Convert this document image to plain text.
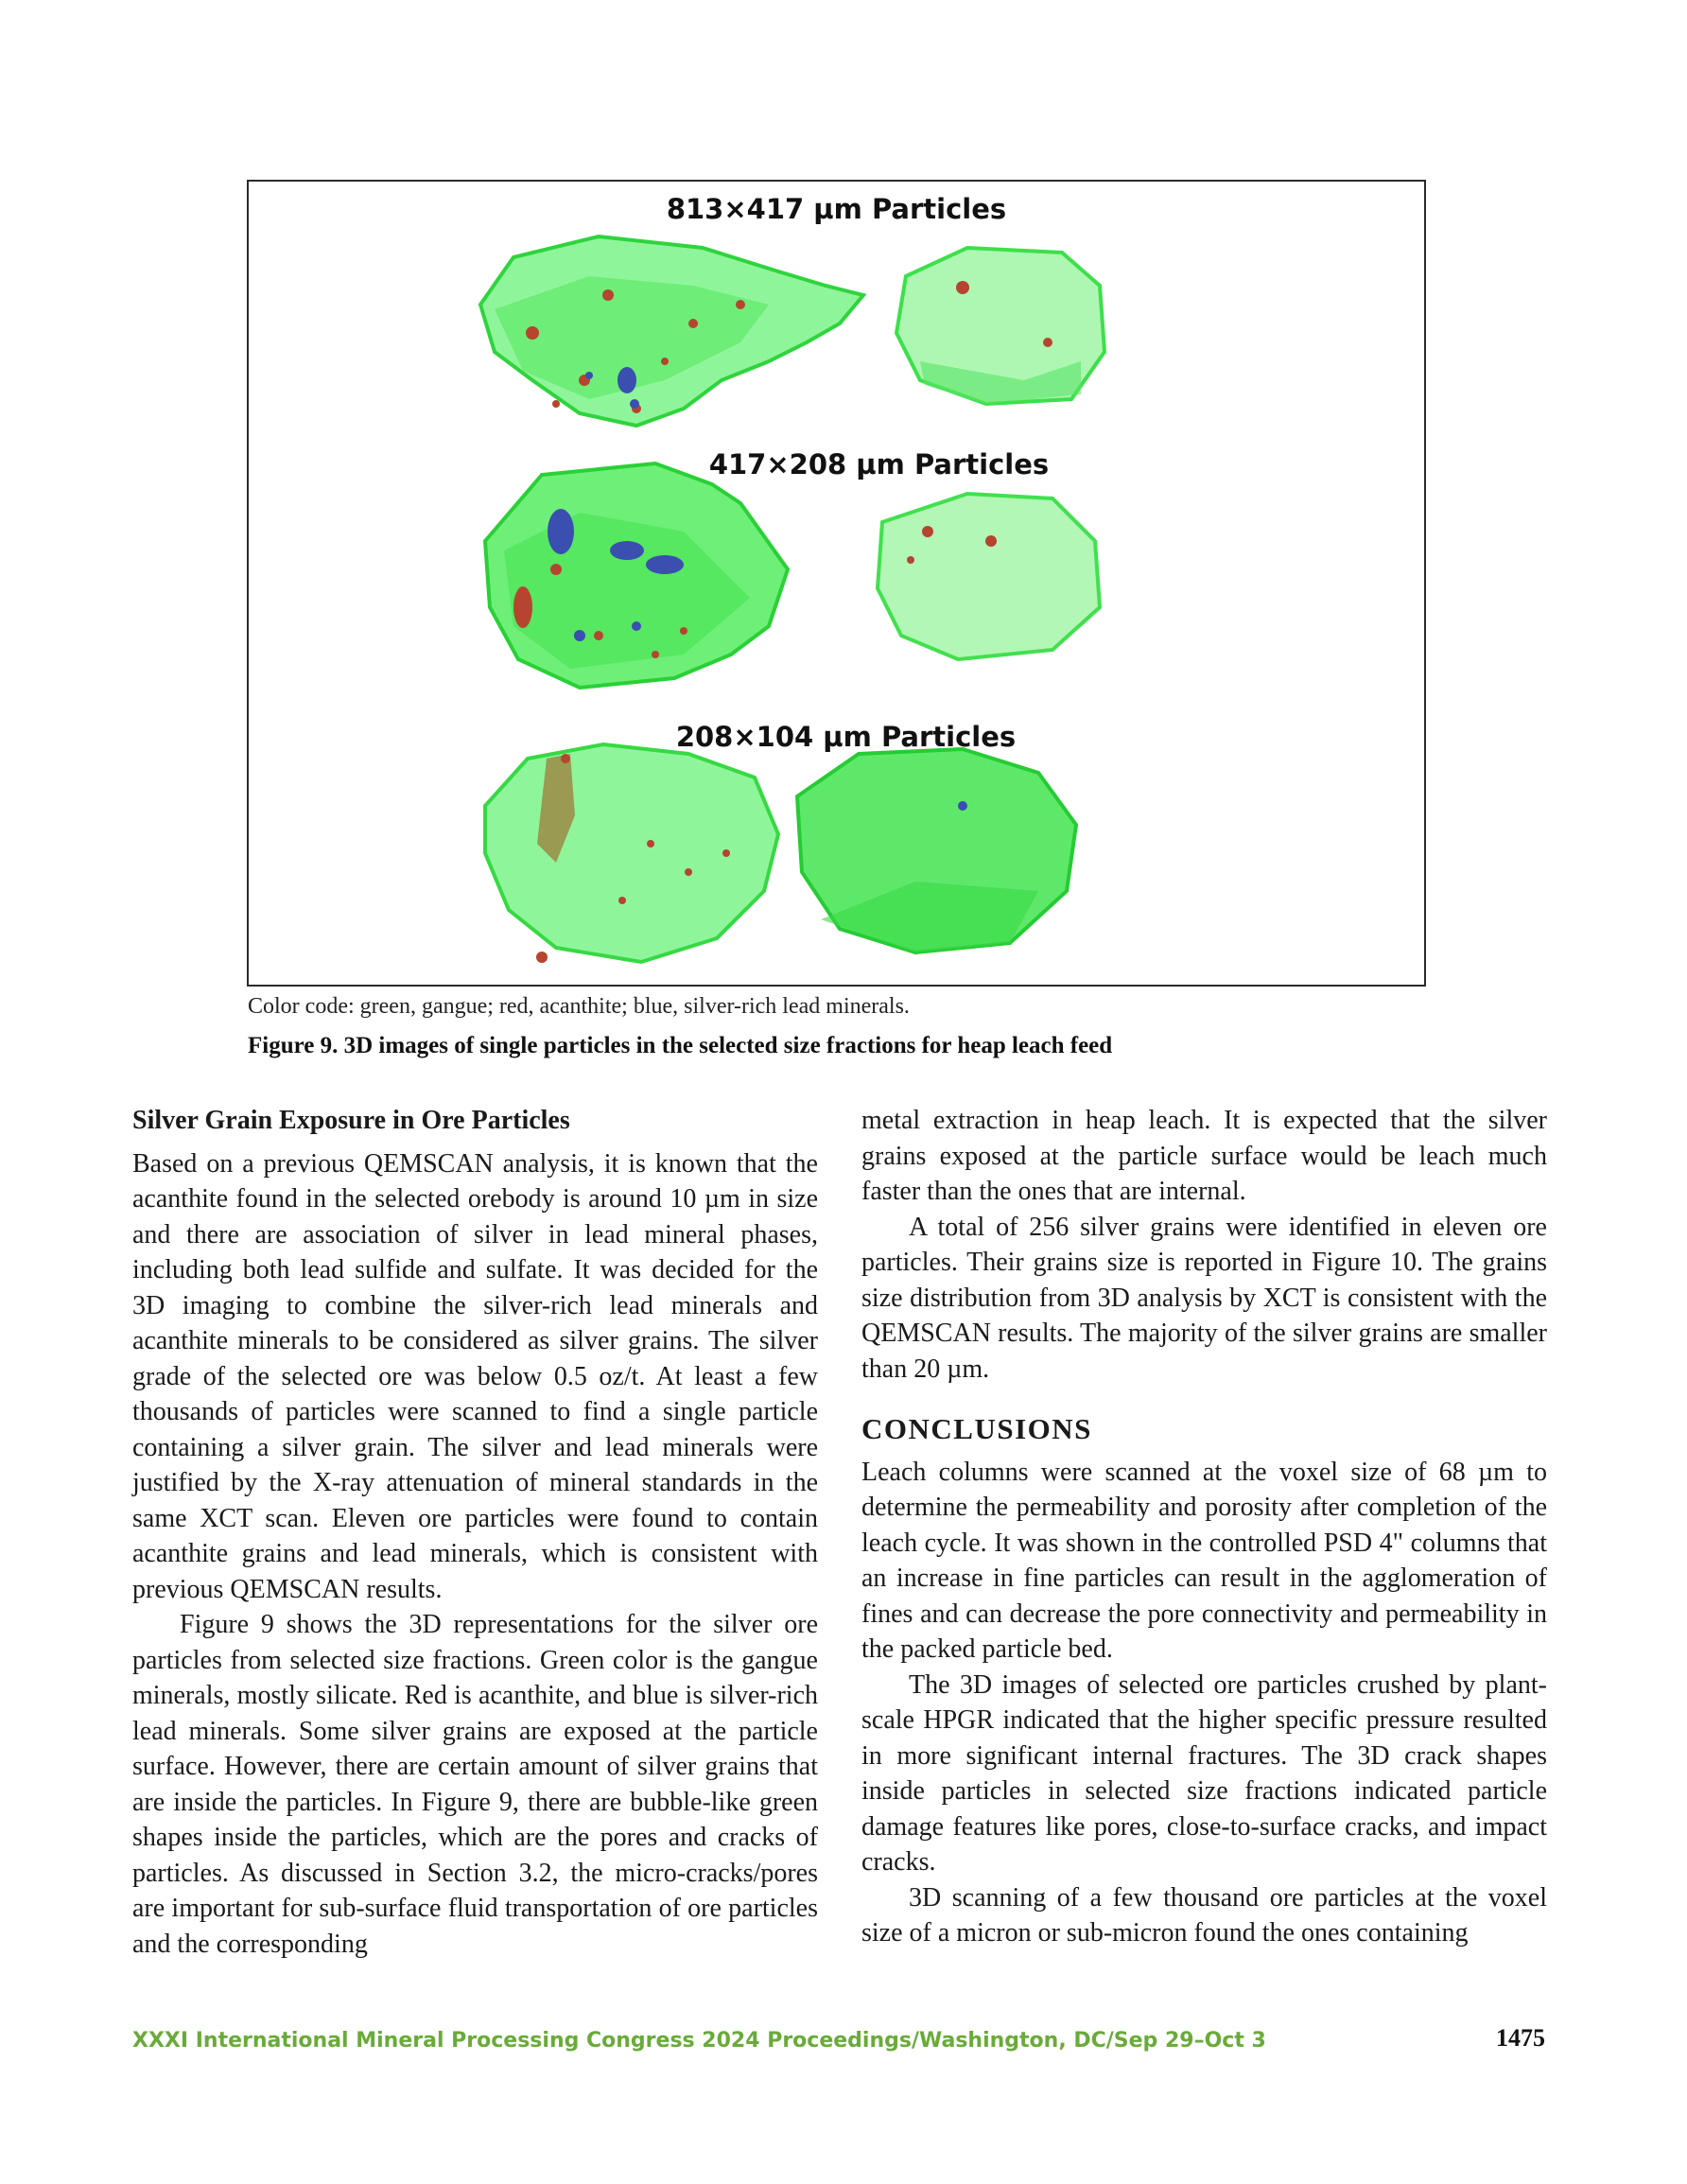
813×417 µm Particles
417×208 µm Particles
208×104 µm Particles
Color code: green, gangue; red, acanthite; blue, silver-rich lead minerals.
Figure 9. 3D images of single particles in the selected size fractions for heap leach feed

Silver Grain Exposure in Ore Particles

Based on a previous QEMSCAN analysis, it is known that the acanthite found in the selected orebody is around 10 µm in size and there are association of silver in lead mineral phases, including both lead sulfide and sulfate. It was decided for the 3D imaging to combine the silver-rich lead minerals and acanthite minerals to be considered as silver grains. The silver grade of the selected ore was below 0.5 oz/t. At least a few thousands of particles were scanned to find a single particle containing a silver grain. The silver and lead minerals were justified by the X-ray attenuation of mineral standards in the same XCT scan. Eleven ore particles were found to contain acanthite grains and lead minerals, which is consistent with previous QEMSCAN results.

Figure 9 shows the 3D representations for the silver ore particles from selected size fractions. Green color is the gangue minerals, mostly silicate. Red is acanthite, and blue is silver-rich lead minerals. Some silver grains are exposed at the particle surface. However, there are certain amount of silver grains that are inside the particles. In Figure 9, there are bubble-like green shapes inside the particles, which are the pores and cracks of particles. As discussed in Section 3.2, the micro-cracks/pores are important for sub-surface fluid transportation of ore particles and the corresponding

metal extraction in heap leach. It is expected that the silver grains exposed at the particle surface would be leach much faster than the ones that are internal.

A total of 256 silver grains were identified in eleven ore particles. Their grains size is reported in Figure 10. The grains size distribution from 3D analysis by XCT is consistent with the QEMSCAN results. The majority of the silver grains are smaller than 20 µm.

CONCLUSIONS

Leach columns were scanned at the voxel size of 68 µm to determine the permeability and porosity after completion of the leach cycle. It was shown in the controlled PSD 4" columns that an increase in fine particles can result in the agglomeration of fines and can decrease the pore connectivity and permeability in the packed particle bed.

The 3D images of selected ore particles crushed by plant-scale HPGR indicated that the higher specific pressure resulted in more significant internal fractures. The 3D crack shapes inside particles in selected size fractions indicated particle damage features like pores, close-to-surface cracks, and impact cracks.

3D scanning of a few thousand ore particles at the voxel size of a micron or sub-micron found the ones containing

XXXI International Mineral Processing Congress 2024 Proceedings/Washington, DC/Sep 29–Oct 3	1475
